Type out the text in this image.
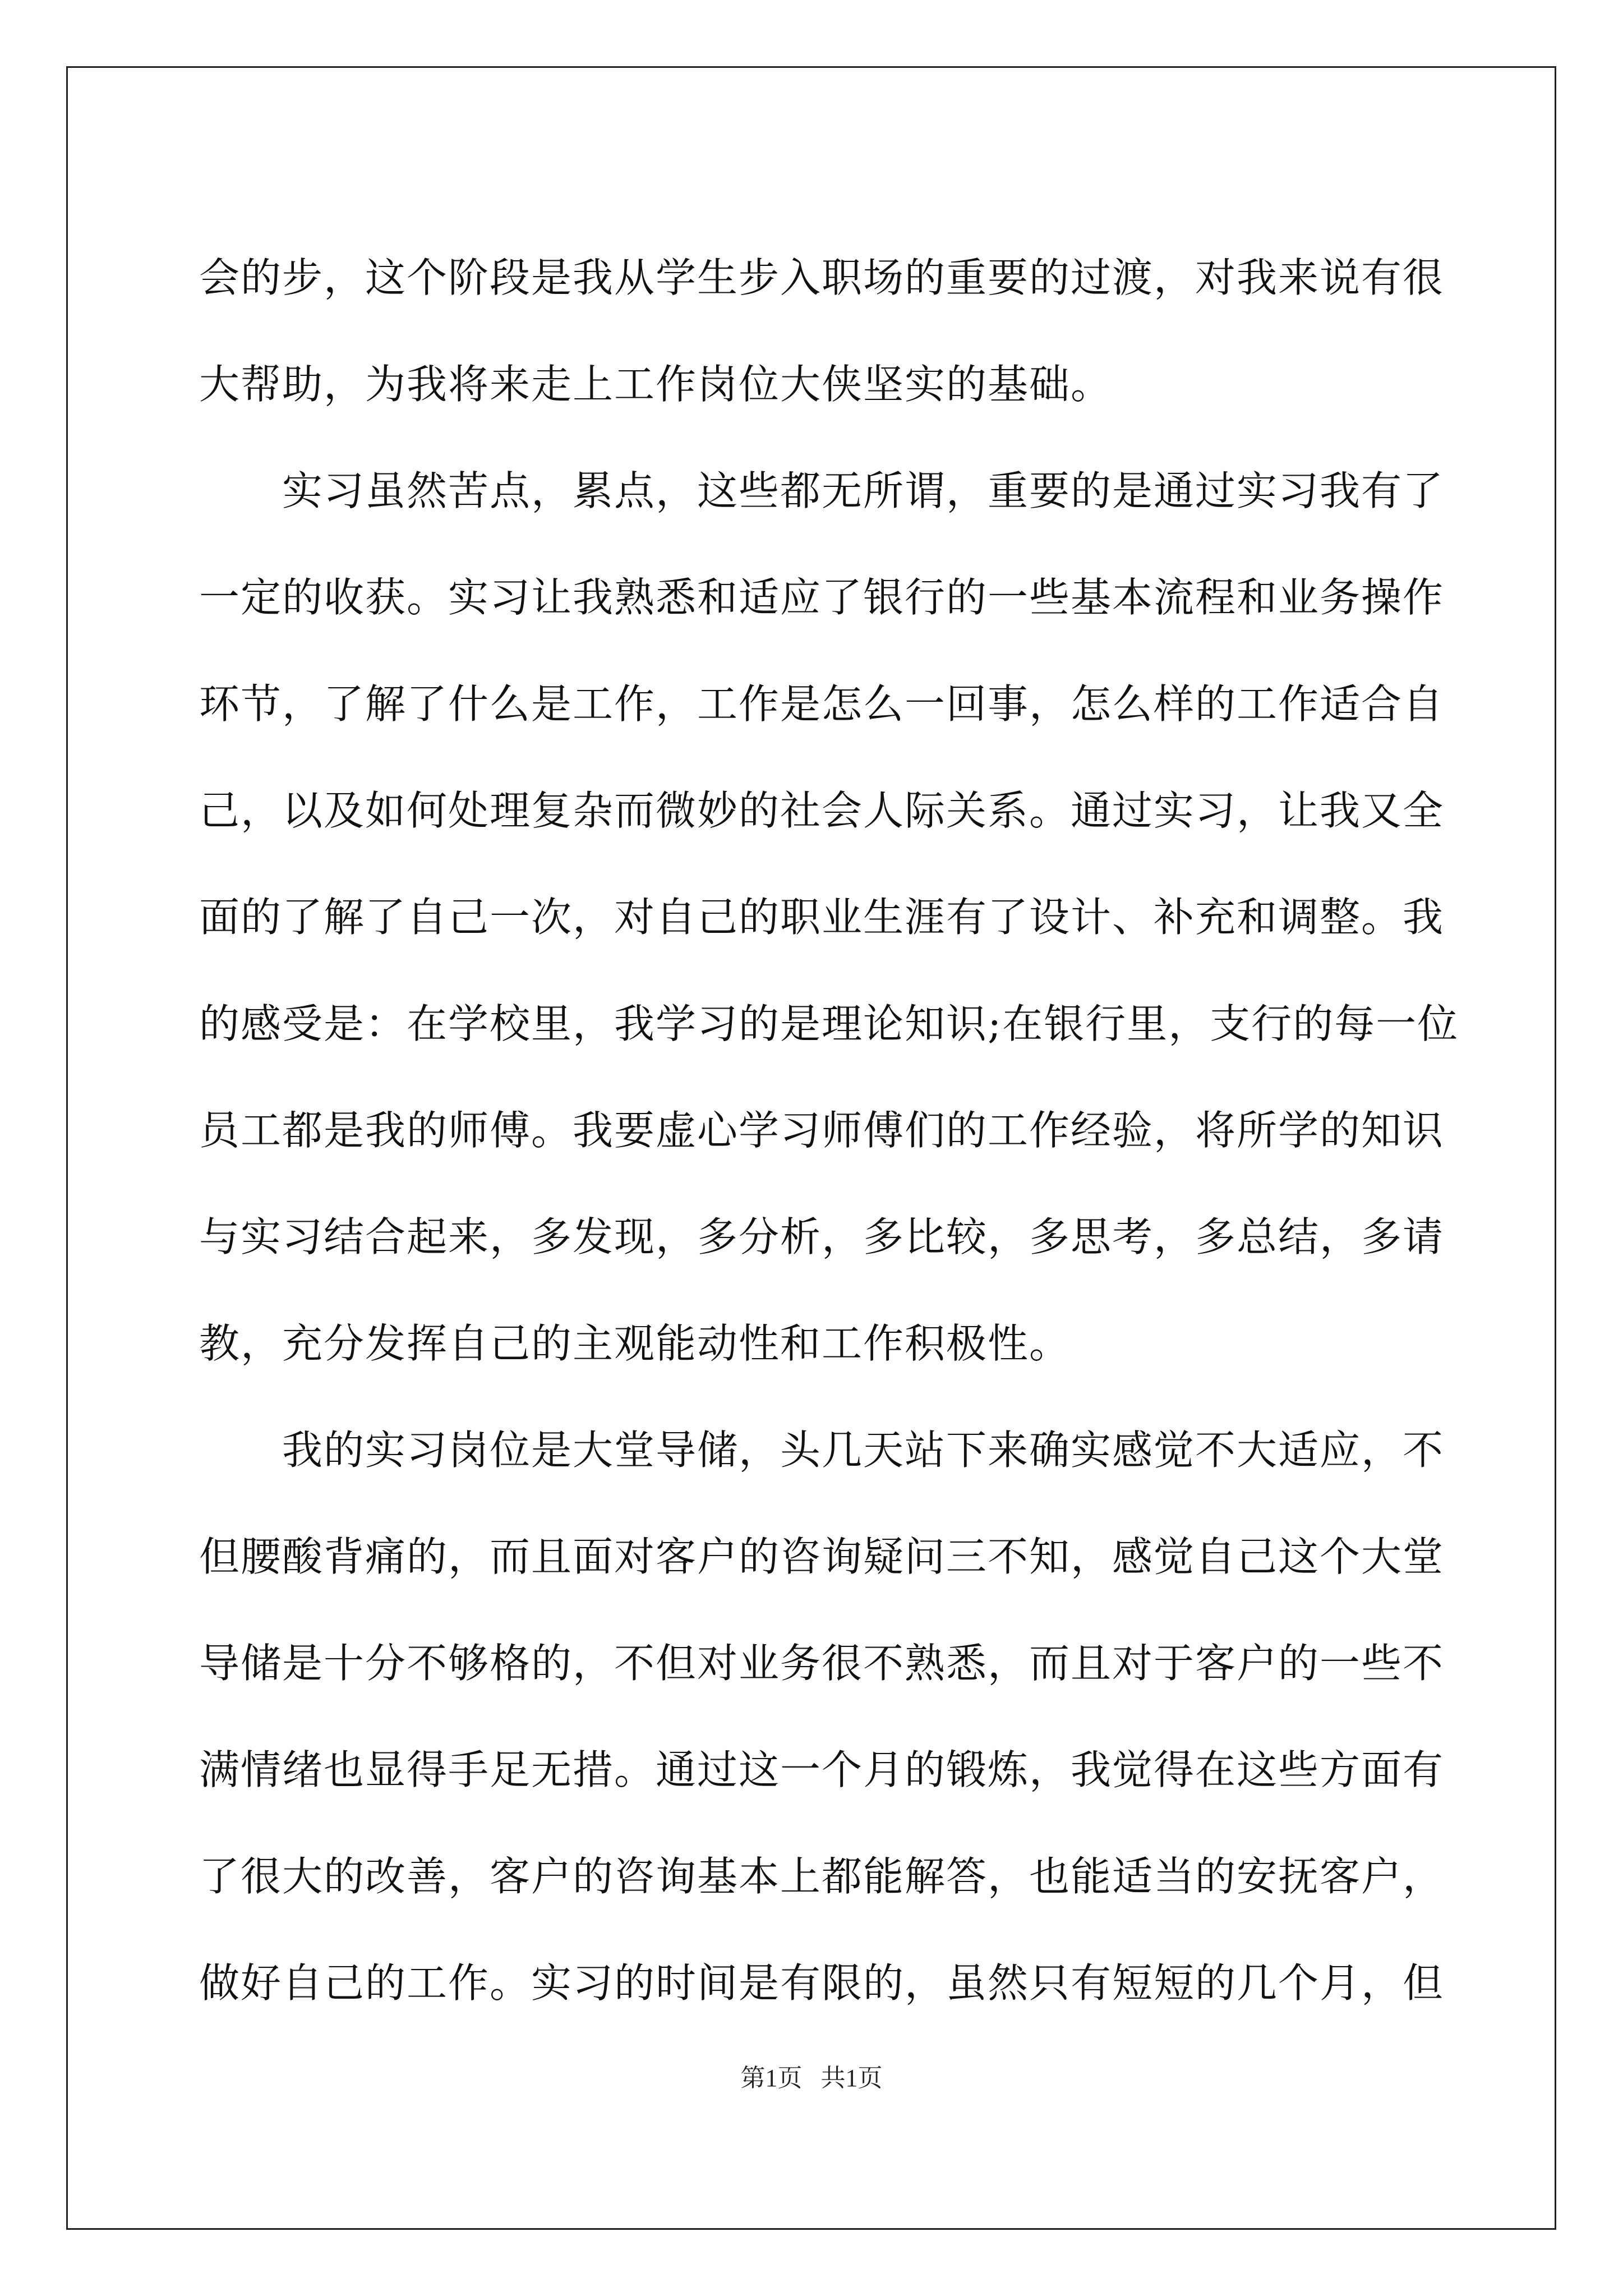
会的步，这个阶段是我从学生步入职场的重要的过渡，对我来说有很
大帮助，为我将来走上工作岗位大侠坚实的基础。
实习虽然苦点，累点，这些都无所谓，重要的是通过实习我有了
一定的收获。实习让我熟悉和适应了银行的一些基本流程和业务操作
环节，了解了什么是工作，工作是怎么一回事，怎么样的工作适合自
己，以及如何处理复杂而微妙的社会人际关系。通过实习，让我又全
面的了解了自己一次，对自己的职业生涯有了设计、补充和调整。我
的感受是：在学校里，我学习的是理论知识;在银行里，支行的每一位
员工都是我的师傅。我要虚心学习师傅们的工作经验，将所学的知识
与实习结合起来，多发现，多分析，多比较，多思考，多总结，多请
教，充分发挥自己的主观能动性和工作积极性。
我的实习岗位是大堂导储，头几天站下来确实感觉不大适应，不
但腰酸背痛的，而且面对客户的咨询疑问三不知，感觉自己这个大堂
导储是十分不够格的，不但对业务很不熟悉，而且对于客户的一些不
满情绪也显得手足无措。通过这一个月的锻炼，我觉得在这些方面有
了很大的改善，客户的咨询基本上都能解答，也能适当的安抚客户，
做好自己的工作。实习的时间是有限的，虽然只有短短的几个月，但
第1页   共1页
